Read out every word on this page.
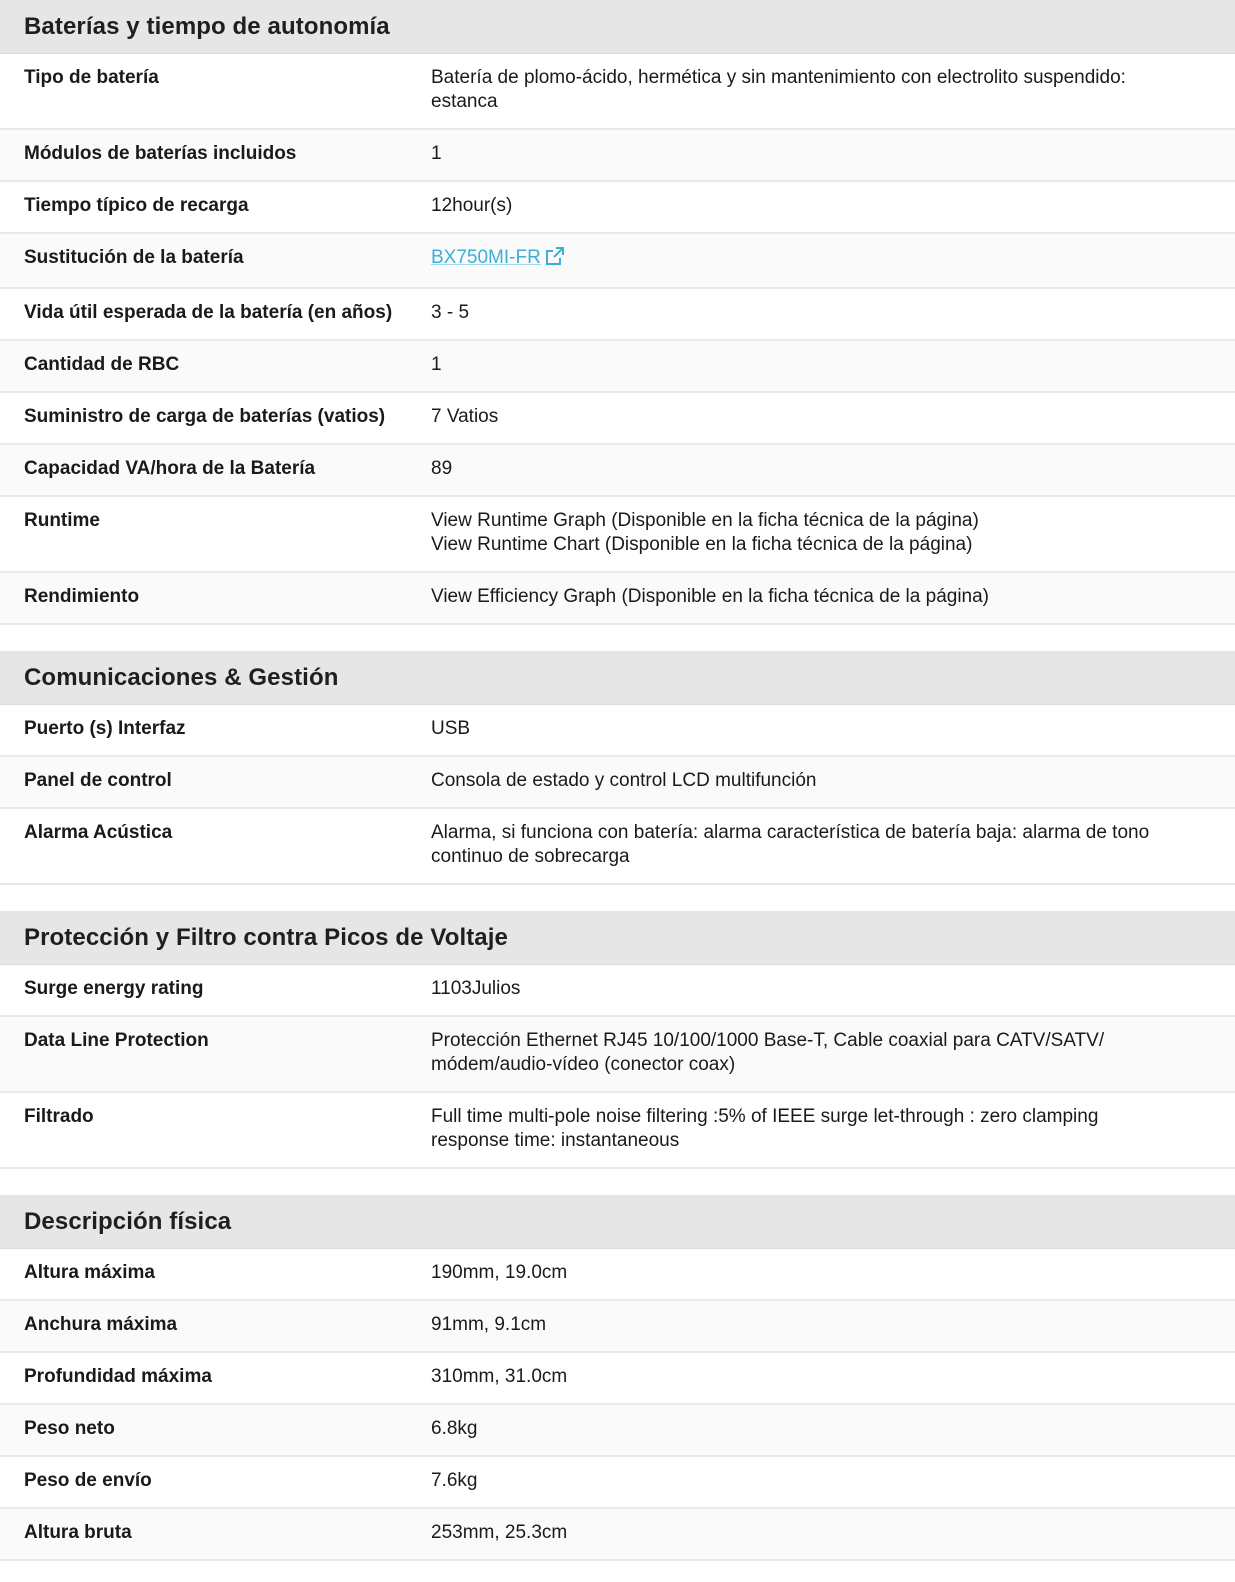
Baterías y tiempo de autonomía
Tipo de batería	Batería de plomo-ácido, hermética y sin mantenimiento con electrolito suspendido:
estanca
Módulos de baterías incluidos	1
Tiempo típico de recarga	12hour(s)
Sustitución de la batería	BX750MI-FR
Vida útil esperada de la batería (en años)	3 - 5
Cantidad de RBC	1
Suministro de carga de baterías (vatios)	7 Vatios
Capacidad VA/hora de la Batería	89
Runtime	View Runtime Graph (Disponible en la ficha técnica de la página)
View Runtime Chart (Disponible en la ficha técnica de la página)
Rendimiento	View Efficiency Graph (Disponible en la ficha técnica de la página)
Comunicaciones & Gestión
Puerto (s) Interfaz	USB
Panel de control	Consola de estado y control LCD multifunción
Alarma Acústica	Alarma, si funciona con batería: alarma característica de batería baja: alarma de tono
continuo de sobrecarga
Protección y Filtro contra Picos de Voltaje
Surge energy rating	1103Julios
Data Line Protection	Protección Ethernet RJ45 10/100/1000 Base-T, Cable coaxial para CATV/SATV/
módem/audio-vídeo (conector coax)
Filtrado	Full time multi-pole noise filtering :5% of IEEE surge let-through : zero clamping
response time: instantaneous
Descripción física
Altura máxima	190mm, 19.0cm
Anchura máxima	91mm, 9.1cm
Profundidad máxima	310mm, 31.0cm
Peso neto	6.8kg
Peso de envío	7.6kg
Altura bruta	253mm, 25.3cm
